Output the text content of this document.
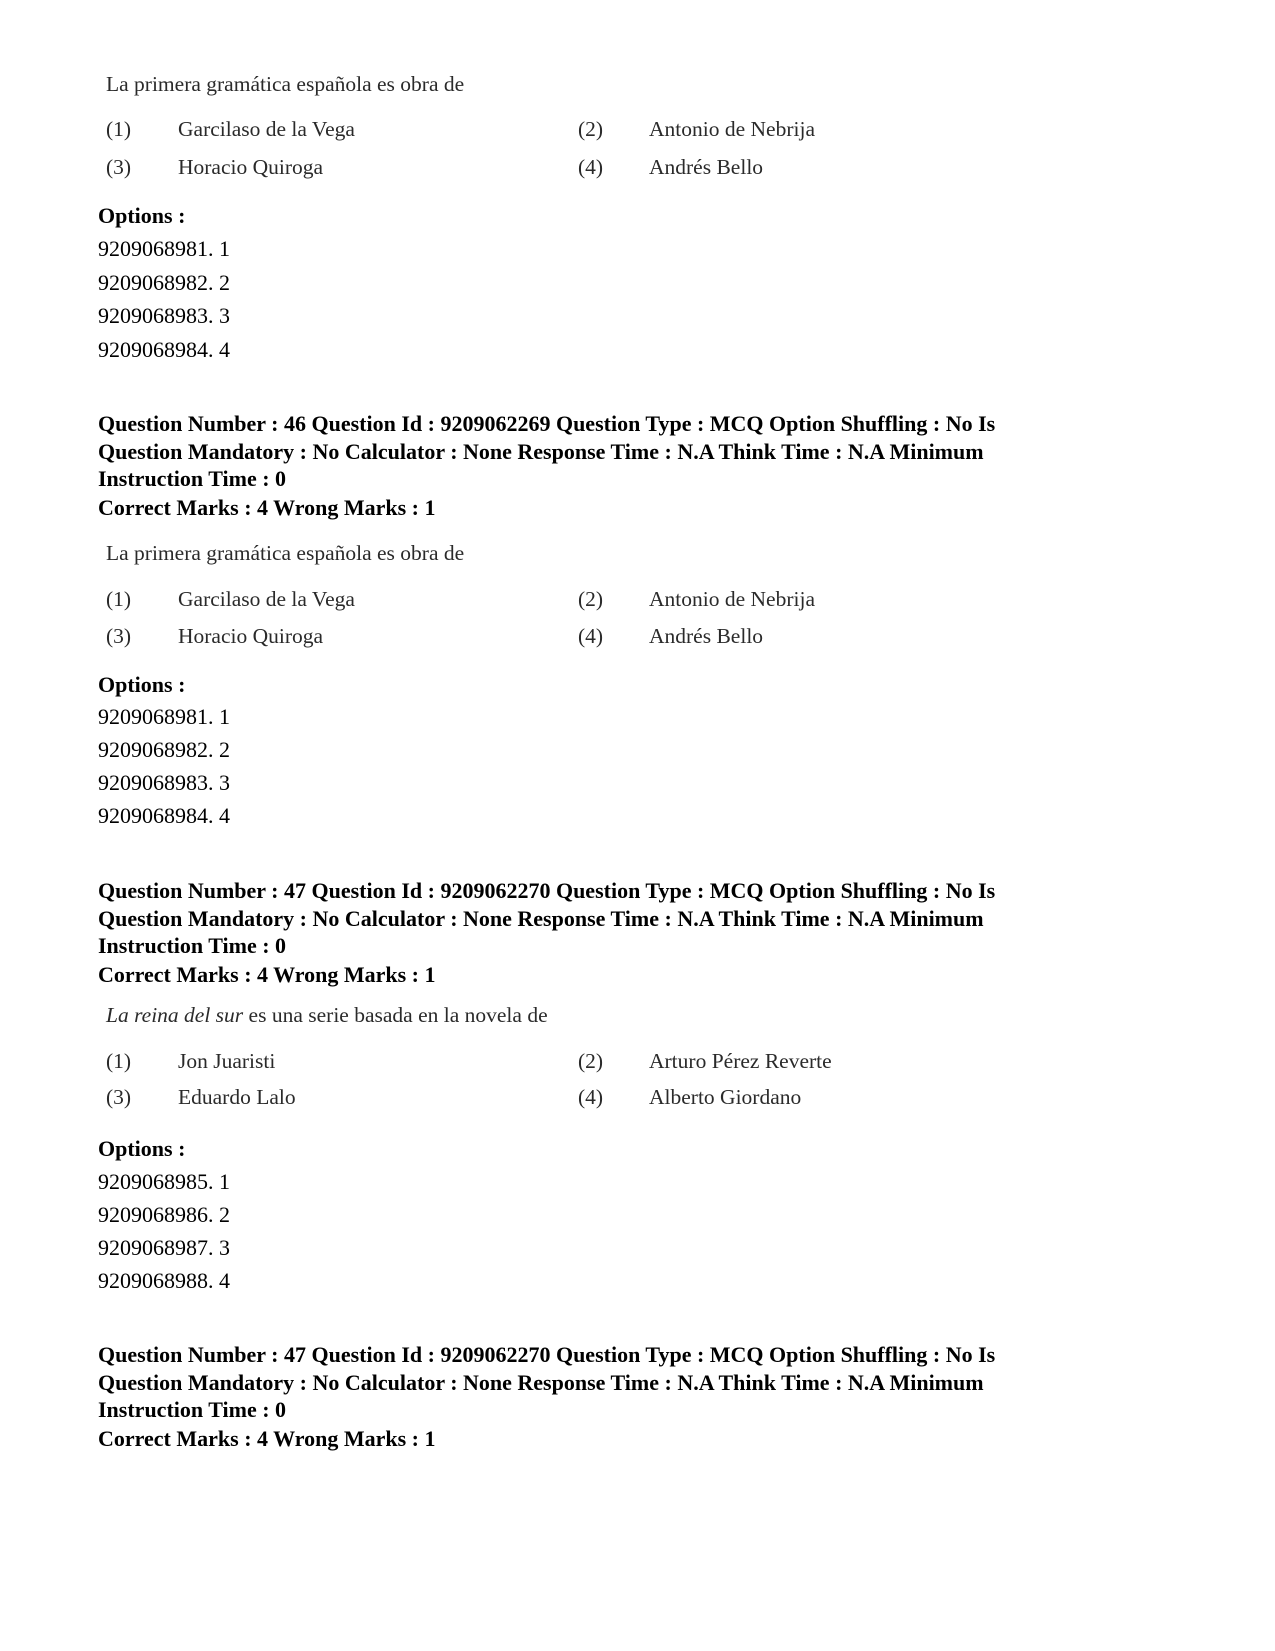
La primera gramática española es obra de
(1) Garcilaso de la Vega	(2) Antonio de Nebrija
(3) Horacio Quiroga	(4) Andrés Bello
Options :
9209068981. 1
9209068982. 2
9209068983. 3
9209068984. 4
Question Number : 46 Question Id : 9209062269 Question Type : MCQ Option Shuffling : No Is
Question Mandatory : No Calculator : None Response Time : N.A Think Time : N.A Minimum
Instruction Time : 0
Correct Marks : 4 Wrong Marks : 1
La primera gramática española es obra de
(1) Garcilaso de la Vega	(2) Antonio de Nebrija
(3) Horacio Quiroga	(4) Andrés Bello
Options :
9209068981. 1
9209068982. 2
9209068983. 3
9209068984. 4
Question Number : 47 Question Id : 9209062270 Question Type : MCQ Option Shuffling : No Is
Question Mandatory : No Calculator : None Response Time : N.A Think Time : N.A Minimum
Instruction Time : 0
Correct Marks : 4 Wrong Marks : 1
La reina del sur es una serie basada en la novela de
(1) Jon Juaristi	(2) Arturo Pérez Reverte
(3) Eduardo Lalo	(4) Alberto Giordano
Options :
9209068985. 1
9209068986. 2
9209068987. 3
9209068988. 4
Question Number : 47 Question Id : 9209062270 Question Type : MCQ Option Shuffling : No Is
Question Mandatory : No Calculator : None Response Time : N.A Think Time : N.A Minimum
Instruction Time : 0
Correct Marks : 4 Wrong Marks : 1
